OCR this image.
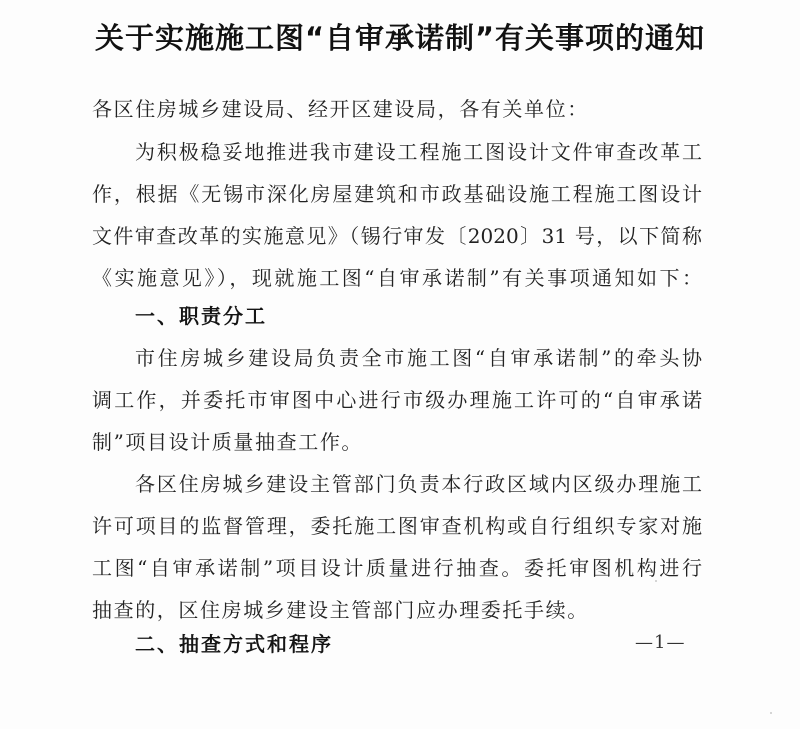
关于实施施工图“自审承诺制”有关事项的通知
各区住房城乡建设局、经开区建设局，各有关单位：
为积极稳妥地推进我市建设工程施工图设计文件审查改革工
作，根据《无锡市深化房屋建筑和市政基础设施工程施工图设计
文件审查改革的实施意见》（锡行审发〔2020〕31 号，以下简称
《实施意见》），现就施工图“自审承诺制”有关事项通知如下：
一、职责分工
市住房城乡建设局负责全市施工图“自审承诺制”的牵头协
调工作，并委托市审图中心进行市级办理施工许可的“自审承诺
制”项目设计质量抽查工作。
各区住房城乡建设主管部门负责本行政区域内区级办理施工
许可项目的监督管理，委托施工图审查机构或自行组织专家对施
工图“自审承诺制”项目设计质量进行抽查。委托审图机构进行
抽查的，区住房城乡建设主管部门应办理委托手续。
二、抽查方式和程序	—1—
